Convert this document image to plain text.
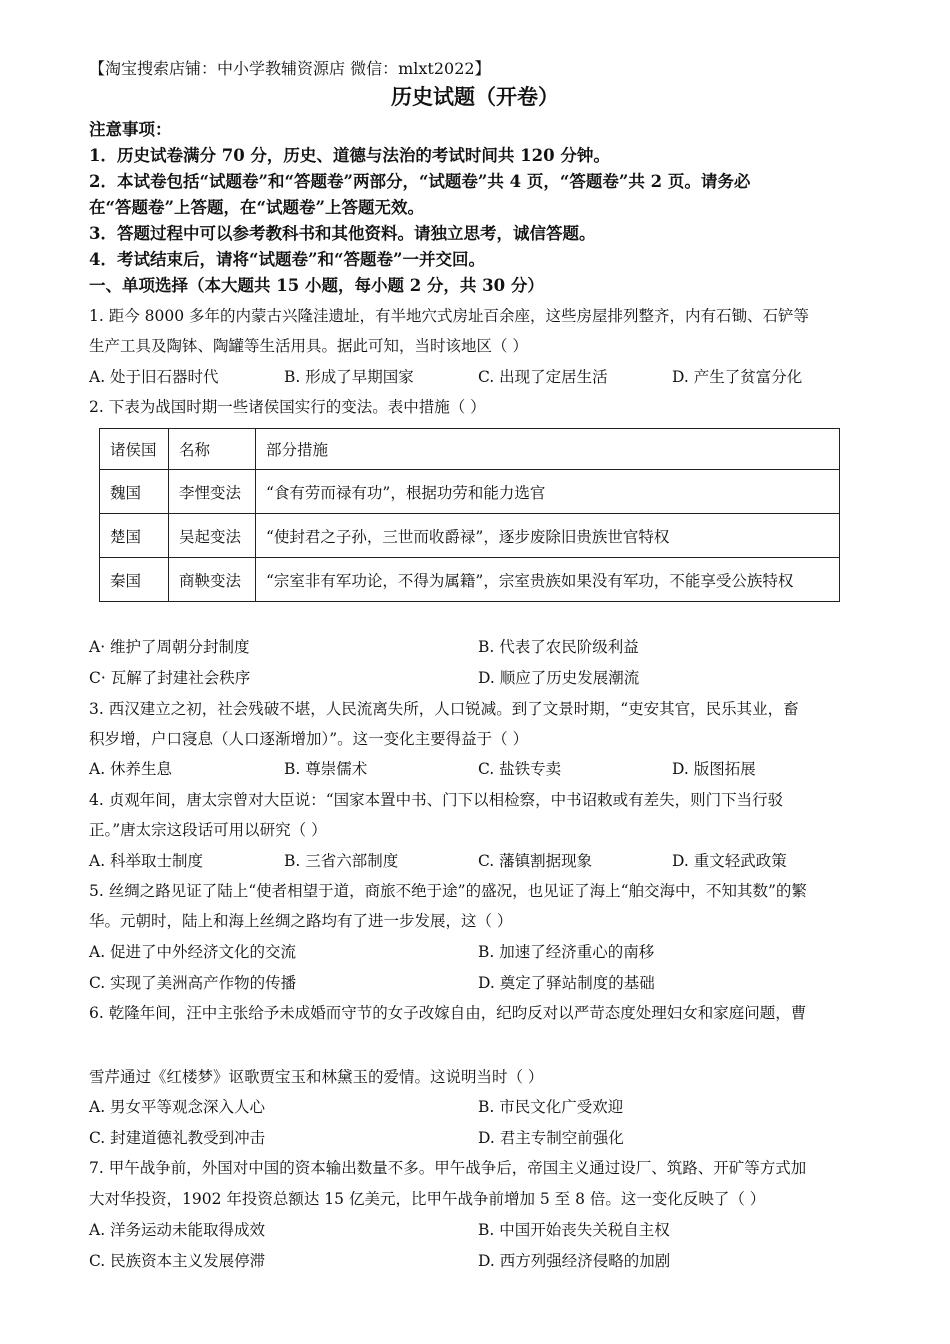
【淘宝搜索店铺：中小学教辅资源店 微信：mlxt2022】
历史试题（开卷）
注意事项：
1．历史试卷满分 70 分，历史、道德与法治的考试时间共 120 分钟。
2．本试卷包括“试题卷”和“答题卷”两部分，“试题卷”共 4 页，“答题卷”共 2 页。请务必
在“答题卷”上答题，在“试题卷”上答题无效。
3．答题过程中可以参考教科书和其他资料。请独立思考，诚信答题。
4．考试结束后，请将“试题卷”和“答题卷”一并交回。
一、单项选择（本大题共 15 小题，每小题 2 分，共 30 分）
1. 距今 8000 多年的内蒙古兴隆洼遗址，有半地穴式房址百余座，这些房屋排列整齐，内有石锄、石铲等
生产工具及陶钵、陶罐等生活用具。据此可知，当时该地区（ ）
A. 处于旧石器时代	B. 形成了早期国家	C. 出现了定居生活	D. 产生了贫富分化
2. 下表为战国时期一些诸侯国实行的变法。表中措施（ ）
诸侯国	名称	部分措施
魏国	李悝变法	“食有劳而禄有功”，根据功劳和能力选官
楚国	吴起变法	“使封君之子孙，三世而收爵禄”，逐步废除旧贵族世官特权
秦国	商鞅变法	“宗室非有军功论，不得为属籍”，宗室贵族如果没有军功，不能享受公族特权
A· 维护了周朝分封制度	B. 代表了农民阶级利益
C· 瓦解了封建社会秩序	D. 顺应了历史发展潮流
3. 西汉建立之初，社会残破不堪，人民流离失所，人口锐减。到了文景时期，“吏安其官，民乐其业，畜
积岁增，户口寖息（人口逐渐增加）”。这一变化主要得益于（ ）
A. 休养生息	B. 尊崇儒术	C. 盐铁专卖	D. 版图拓展
4. 贞观年间，唐太宗曾对大臣说：“国家本置中书、门下以相检察，中书诏敕或有差失，则门下当行驳
正。”唐太宗这段话可用以研究（ ）
A. 科举取士制度	B. 三省六部制度	C. 藩镇割据现象	D. 重文轻武政策
5. 丝绸之路见证了陆上“使者相望于道，商旅不绝于途”的盛况，也见证了海上“舶交海中，不知其数”的繁
华。元朝时，陆上和海上丝绸之路均有了进一步发展，这（ ）
A. 促进了中外经济文化的交流	B. 加速了经济重心的南移
C. 实现了美洲高产作物的传播	D. 奠定了驿站制度的基础
6. 乾隆年间，汪中主张给予未成婚而守节的女子改嫁自由，纪昀反对以严苛态度处理妇女和家庭问题，曹
雪芹通过《红楼梦》讴歌贾宝玉和林黛玉的爱情。这说明当时（ ）
A. 男女平等观念深入人心	B. 市民文化广受欢迎
C. 封建道德礼教受到冲击	D. 君主专制空前强化
7. 甲午战争前，外国对中国的资本输出数量不多。甲午战争后，帝国主义通过设厂、筑路、开矿等方式加
大对华投资，1902 年投资总额达 15 亿美元，比甲午战争前增加 5 至 8 倍。这一变化反映了（ ）
A. 洋务运动未能取得成效	B. 中国开始丧失关税自主权
C. 民族资本主义发展停滞	D. 西方列强经济侵略的加剧
